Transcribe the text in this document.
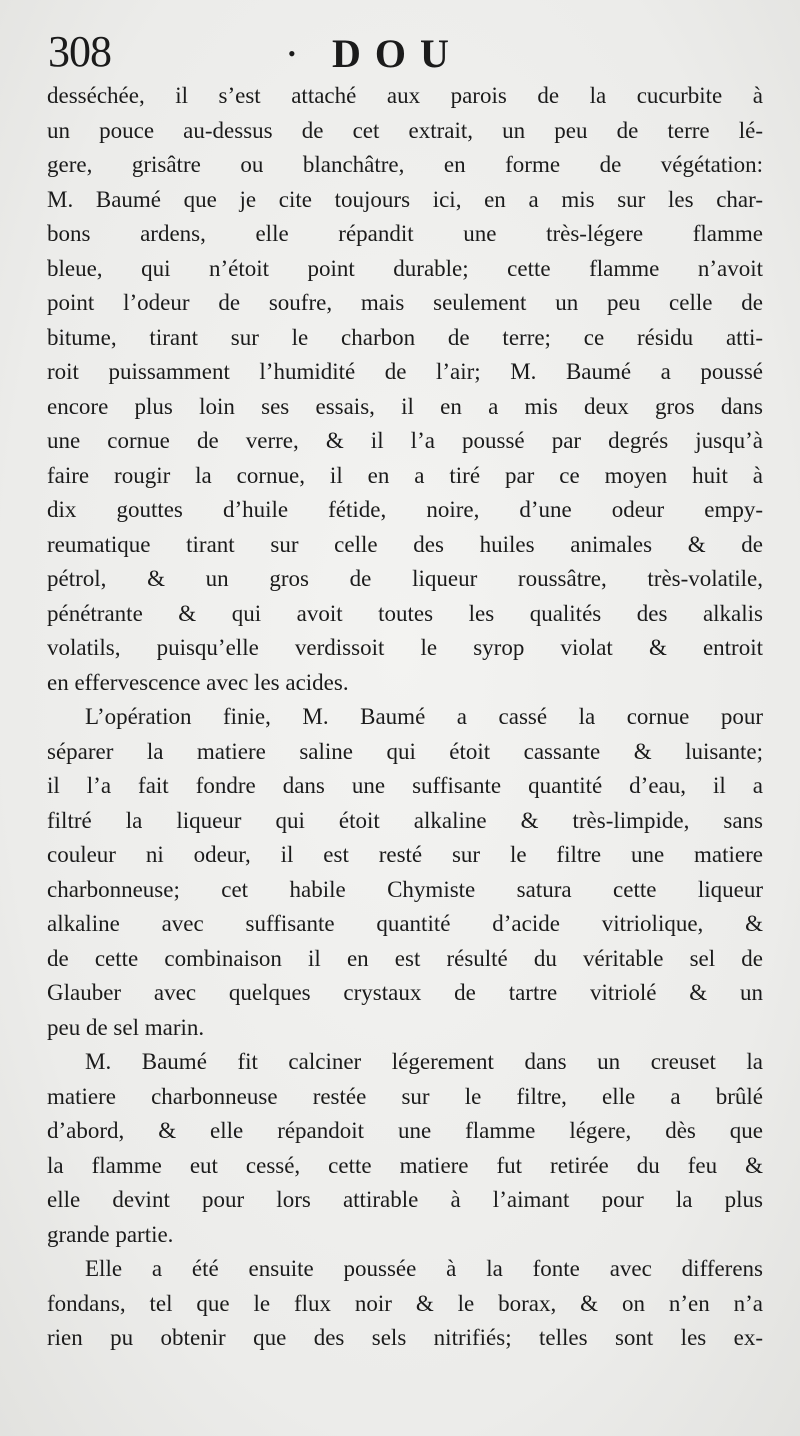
308	• DOU
desséchée, il s’est attaché aux parois de la cucurbite à
un pouce au-dessus de cet extrait, un peu de terre lé-
gere, grisâtre ou blanchâtre, en forme de végétation:
M. Baumé que je cite toujours ici, en a mis sur les char-
bons ardens, elle répandit une très-légere flamme
bleue, qui n’étoit point durable; cette flamme n’avoit
point l’odeur de soufre, mais seulement un peu celle de
bitume, tirant sur le charbon de terre; ce résidu atti-
roit puissamment l’humidité de l’air; M. Baumé a poussé
encore plus loin ses essais, il en a mis deux gros dans
une cornue de verre, & il l’a poussé par degrés jusqu’à
faire rougir la cornue, il en a tiré par ce moyen huit à
dix gouttes d’huile fétide, noire, d’une odeur empy-
reumatique tirant sur celle des huiles animales & de
pétrol, & un gros de liqueur roussâtre, très-volatile,
pénétrante & qui avoit toutes les qualités des alkalis
volatils, puisqu’elle verdissoit le syrop violat & entroit
en effervescence avec les acides.
L’opération finie, M. Baumé a cassé la cornue pour
séparer la matiere saline qui étoit cassante & luisante;
il l’a fait fondre dans une suffisante quantité d’eau, il a
filtré la liqueur qui étoit alkaline & très-limpide, sans
couleur ni odeur, il est resté sur le filtre une matiere
charbonneuse; cet habile Chymiste satura cette liqueur
alkaline avec suffisante quantité d’acide vitriolique, &
de cette combinaison il en est résulté du véritable sel de
Glauber avec quelques crystaux de tartre vitriolé & un
peu de sel marin.
M. Baumé fit calciner légerement dans un creuset la
matiere charbonneuse restée sur le filtre, elle a brûlé
d’abord, & elle répandoit une flamme légere, dès que
la flamme eut cessé, cette matiere fut retirée du feu &
elle devint pour lors attirable à l’aimant pour la plus
grande partie.
Elle a été ensuite poussée à la fonte avec differens
fondans, tel que le flux noir & le borax, & on n’en n’a
rien pu obtenir que des sels nitrifiés; telles sont les ex-
